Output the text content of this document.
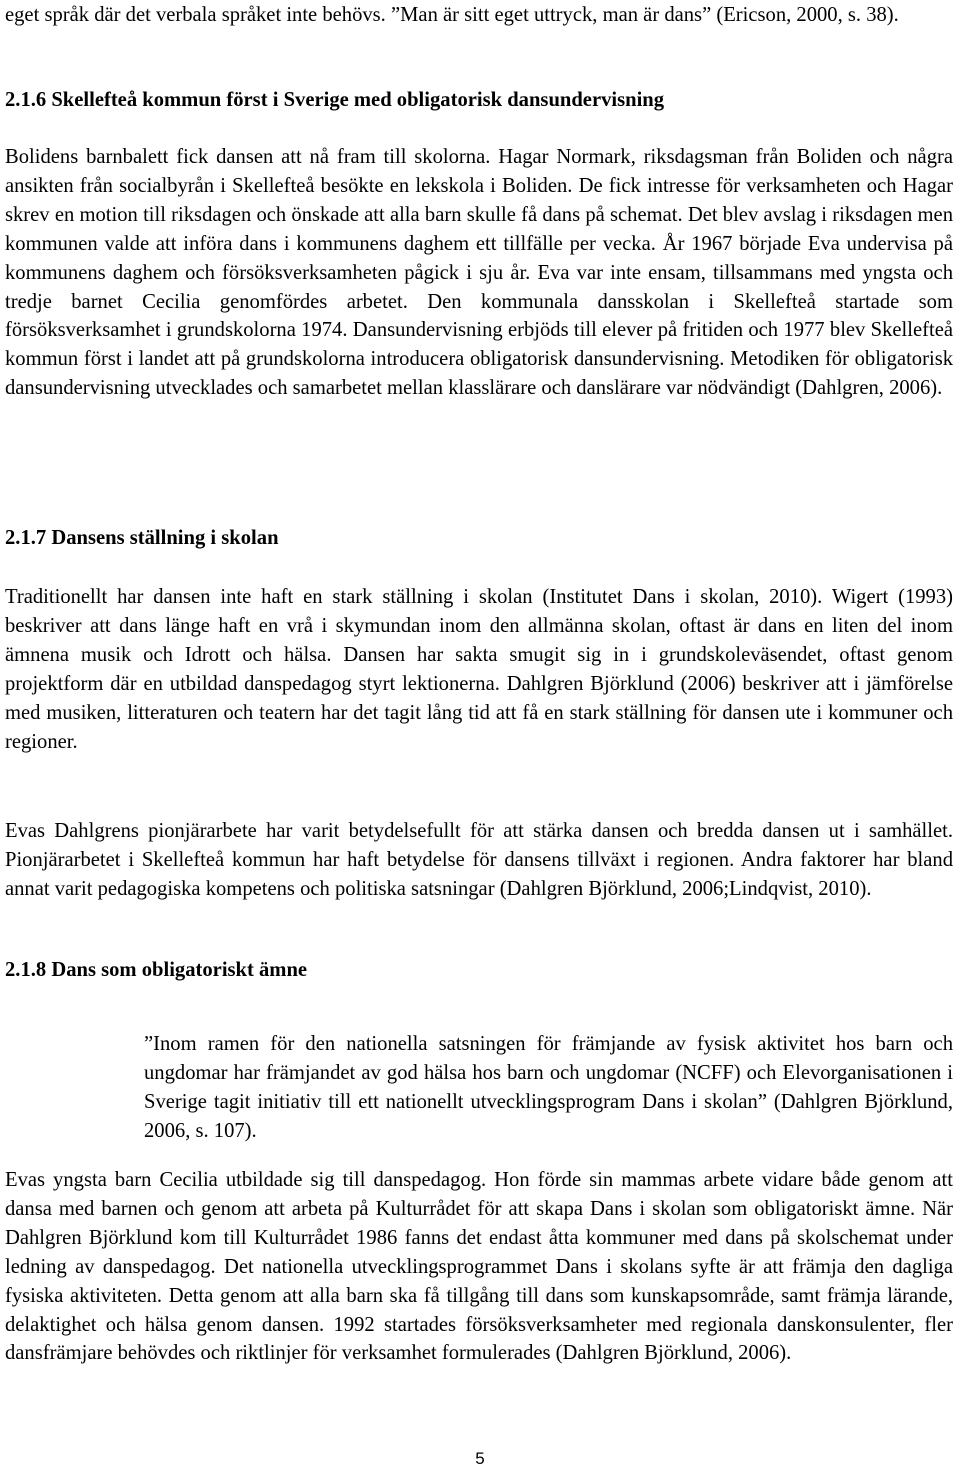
eget språk där det verbala språket inte behövs. ”Man är sitt eget uttryck, man är dans” (Ericson, 2000, s. 38).

2.1.6 Skellefteå kommun först i Sverige med obligatorisk dansundervisning

Bolidens barnbalett fick dansen att nå fram till skolorna. Hagar Normark, riksdagsman från Boliden och några ansikten från socialbyrån i Skellefteå besökte en lekskola i Boliden. De fick intresse för verksamheten och Hagar skrev en motion till riksdagen och önskade att alla barn skulle få dans på schemat. Det blev avslag i riksdagen men kommunen valde att införa dans i kommunens daghem ett tillfälle per vecka. År 1967 började Eva undervisa på kommunens daghem och försöksverksamheten pågick i sju år. Eva var inte ensam, tillsammans med yngsta och tredje barnet Cecilia genomfördes arbetet. Den kommunala dansskolan i Skellefteå startade som försöksverksamhet i grundskolorna 1974. Dansundervisning erbjöds till elever på fritiden och 1977 blev Skellefteå kommun först i landet att på grundskolorna introducera obligatorisk dansundervisning. Metodiken för obligatorisk dansundervisning utvecklades och samarbetet mellan klasslärare och danslärare var nödvändigt (Dahlgren, 2006).

2.1.7 Dansens ställning i skolan

Traditionellt har dansen inte haft en stark ställning i skolan (Institutet Dans i skolan, 2010). Wigert (1993) beskriver att dans länge haft en vrå i skymundan inom den allmänna skolan, oftast är dans en liten del inom ämnena musik och Idrott och hälsa. Dansen har sakta smugit sig in i grundskoleväsendet, oftast genom projektform där en utbildad danspedagog styrt lektionerna. Dahlgren Björklund (2006) beskriver att i jämförelse med musiken, litteraturen och teatern har det tagit lång tid att få en stark ställning för dansen ute i kommuner och regioner.

Evas Dahlgrens pionjärarbete har varit betydelsefullt för att stärka dansen och bredda dansen ut i samhället. Pionjärarbetet i Skellefteå kommun har haft betydelse för dansens tillväxt i regionen. Andra faktorer har bland annat varit pedagogiska kompetens och politiska satsningar (Dahlgren Björklund, 2006;Lindqvist, 2010).

2.1.8 Dans som obligatoriskt ämne

”Inom ramen för den nationella satsningen för främjande av fysisk aktivitet hos barn och ungdomar har främjandet av god hälsa hos barn och ungdomar (NCFF) och Elevorganisationen i Sverige tagit initiativ till ett nationellt utvecklingsprogram Dans i skolan” (Dahlgren Björklund, 2006, s. 107).

Evas yngsta barn Cecilia utbildade sig till danspedagog. Hon förde sin mammas arbete vidare både genom att dansa med barnen och genom att arbeta på Kulturrådet för att skapa Dans i skolan som obligatoriskt ämne. När Dahlgren Björklund kom till Kulturrådet 1986 fanns det endast åtta kommuner med dans på skolschemat under ledning av danspedagog. Det nationella utvecklingsprogrammet Dans i skolans syfte är att främja den dagliga fysiska aktiviteten. Detta genom att alla barn ska få tillgång till dans som kunskapsområde, samt främja lärande, delaktighet och hälsa genom dansen. 1992 startades försöksverksamheter med regionala danskonsulenter, fler dansfrämjare behövdes och riktlinjer för verksamhet formulerades (Dahlgren Björklund, 2006).

5
